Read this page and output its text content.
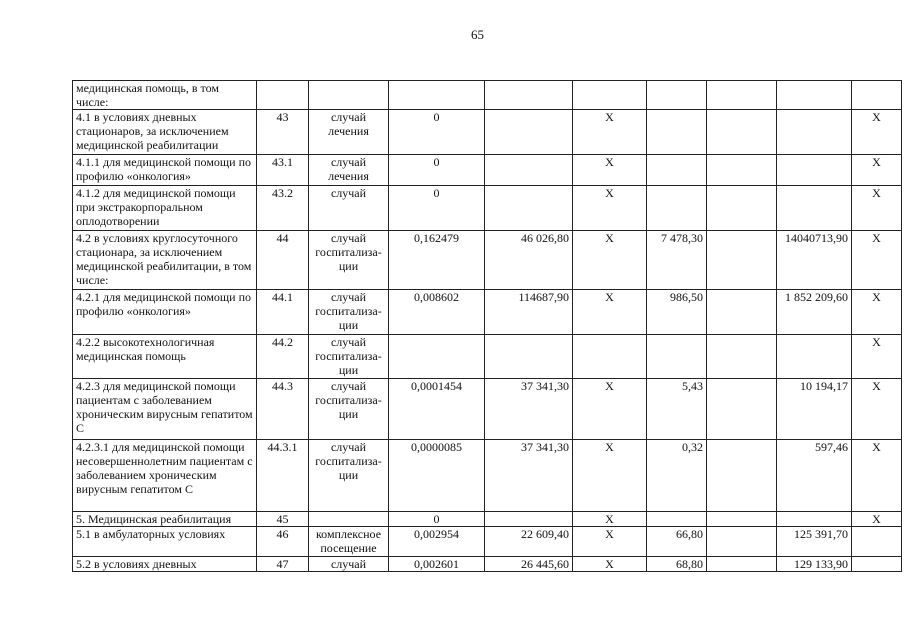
65
медицинская помощь, в том числе:									
4.1 в условиях дневных стационаров, за исключением медицинской реабилитации	43	случай лечения	0		X				X
4.1.1 для медицинской помощи по профилю «онкология»	43.1	случай лечения	0		X				X
4.1.2 для медицинской помощи при экстракорпоральном оплодотворении	43.2	случай	0		X				X
4.2 в условиях круглосуточного стационара, за исключением медицинской реабилитации, в том числе:	44	случай госпитализа-ции	0,162479	46 026,80	X	7 478,30		14040713,90	X
4.2.1 для медицинской помощи по профилю «онкология»	44.1	случай госпитализа-ции	0,008602	114687,90	X	986,50		1 852 209,60	X
4.2.2 высокотехнологичная медицинская помощь	44.2	случай госпитализа-ции							X
4.2.3 для медицинской помощи пациентам с заболеванием хроническим вирусным гепатитом С	44.3	случай госпитализа-ции	0,0001454	37 341,30	X	5,43		10 194,17	X
4.2.3.1 для медицинской помощи несовершеннолетним пациентам с заболеванием хроническим вирусным гепатитом С	44.3.1	случай госпитализа-ции	0,0000085	37 341,30	X	0,32		597,46	X
5. Медицинская реабилитация	45		0		X				X
5.1 в амбулаторных условиях	46	комплексное посещение	0,002954	22 609,40	X	66,80		125 391,70	
5.2 в условиях дневных	47	случай	0,002601	26 445,60	X	68,80		129 133,90	
